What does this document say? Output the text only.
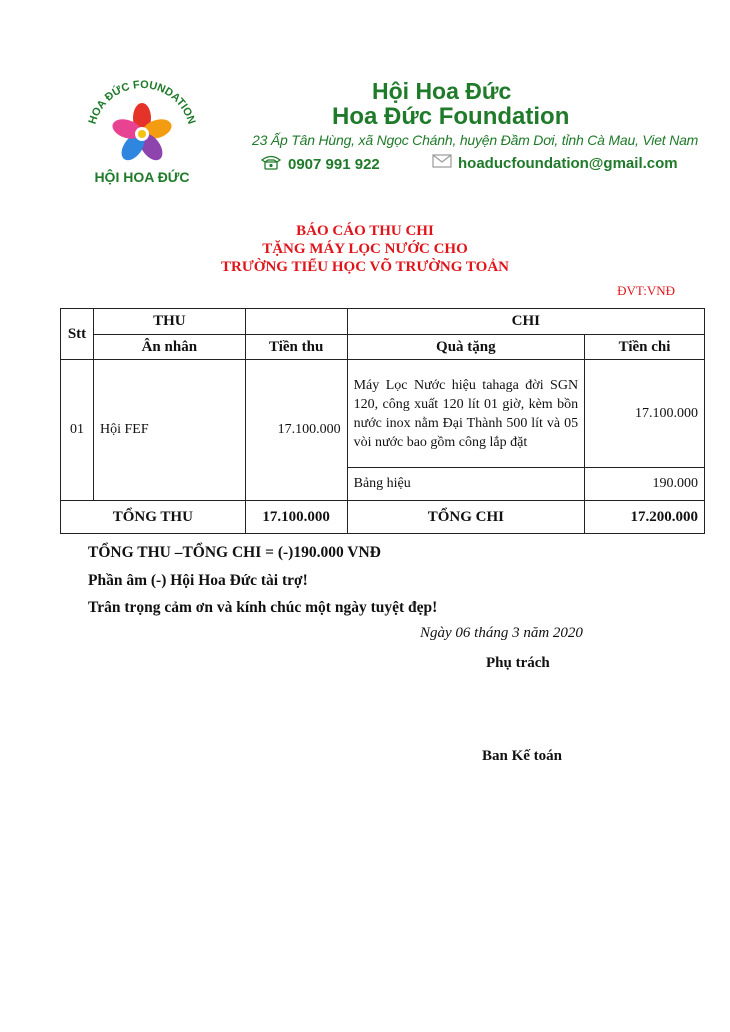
HOA ĐỨC FOUNDATION
HỘI HOA ĐỨC
Hội Hoa Đức
Hoa Đức Foundation
23 Ấp Tân Hùng, xã Ngọc Chánh, huyện Đầm Dơi, tỉnh Cà Mau, Viet Nam
0907 991 922	hoaducfoundation@gmail.com
BÁO CÁO THU CHI
TẶNG MÁY LỌC NƯỚC CHO
TRƯỜNG TIỂU HỌC VÕ TRƯỜNG TOẢN
ĐVT:VNĐ
Stt	THU		CHI	
	Ân nhân	Tiền thu	Quà tặng	Tiền chi
01	Hội FEF	17.100.000	Máy Lọc Nước hiệu tahaga đời SGN 120, công xuất 120 lít 01 giờ, kèm bồn nước inox nằm Đại Thành 500 lít và 05 vòi nước bao gồm công lắp đặt	17.100.000
			Bảng hiệu	190.000
TỔNG THU		17.100.000	TỔNG CHI	17.200.000
TỔNG THU –TỔNG CHI = (-)190.000 VNĐ
Phần âm (-) Hội Hoa Đức tài trợ!
Trân trọng cảm ơn và kính chúc một ngày tuyệt đẹp!
Ngày 06 tháng 3 năm 2020
Phụ trách
Ban Kế toán
